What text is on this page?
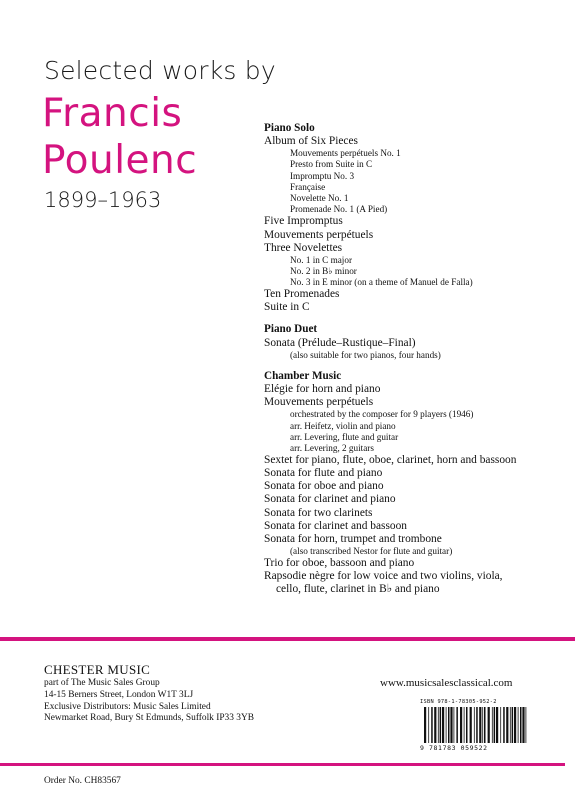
Selected works by
Francis
Poulenc
1899–1963
Piano Solo
Album of Six Pieces
Mouvements perpétuels No. 1
Presto from Suite in C
Impromptu No. 3
Française
Novelette No. 1
Promenade No. 1 (A Pied)
Five Impromptus
Mouvements perpétuels
Three Novelettes
No. 1 in C major
No. 2 in B♭ minor
No. 3 in E minor (on a theme of Manuel de Falla)
Ten Promenades
Suite in C
Piano Duet
Sonata (Prélude–Rustique–Final)
(also suitable for two pianos, four hands)
Chamber Music
Elégie for horn and piano
Mouvements perpétuels
orchestrated by the composer for 9 players (1946)
arr. Heifetz, violin and piano
arr. Levering, flute and guitar
arr. Levering, 2 guitars
Sextet for piano, flute, oboe, clarinet, horn and bassoon
Sonata for flute and piano
Sonata for oboe and piano
Sonata for clarinet and piano
Sonata for two clarinets
Sonata for clarinet and bassoon
Sonata for horn, trumpet and trombone
(also transcribed Nestor for flute and guitar)
Trio for oboe, bassoon and piano
Rapsodie nègre for low voice and two violins, viola,
cello, flute, clarinet in B♭ and piano
CHESTER MUSIC
part of The Music Sales Group
14-15 Berners Street, London W1T 3LJ
Exclusive Distributors: Music Sales Limited
Newmarket Road, Bury St Edmunds, Suffolk IP33 3YB
www.musicsalesclassical.com
ISBN 978-1-78305-952-2
9 781783 059522
Order No. CH83567
